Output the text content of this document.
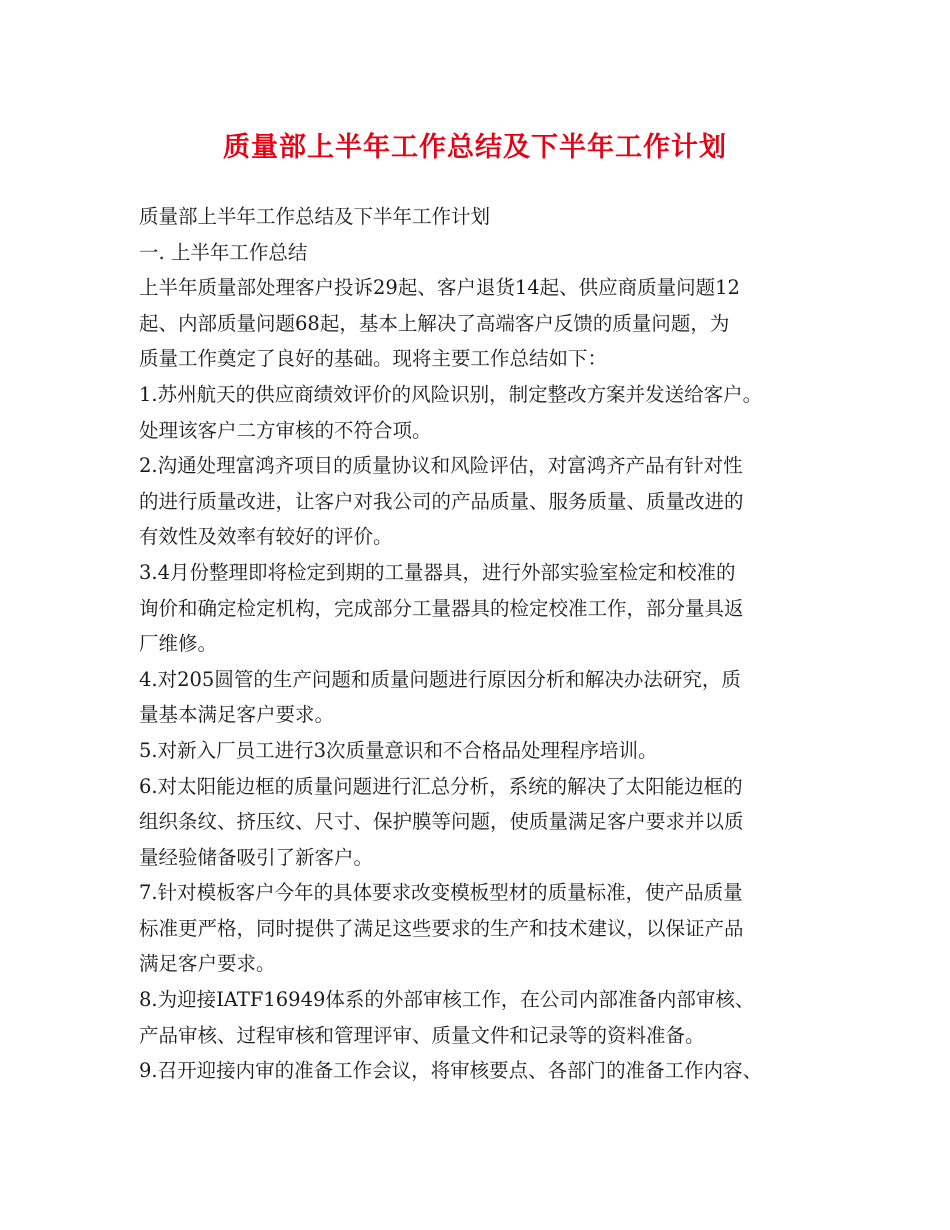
质量部上半年工作总结及下半年工作计划
质量部上半年工作总结及下半年工作计划
一. 上半年工作总结
上半年质量部处理客户投诉29起、客户退货14起、供应商质量问题12
起、内部质量问题68起，基本上解决了高端客户反馈的质量问题，为
质量工作奠定了良好的基础。现将主要工作总结如下：
1.苏州航天的供应商绩效评价的风险识别，制定整改方案并发送给客户。
处理该客户二方审核的不符合项。
2.沟通处理富鸿齐项目的质量协议和风险评估，对富鸿齐产品有针对性
的进行质量改进，让客户对我公司的产品质量、服务质量、质量改进的
有效性及效率有较好的评价。
3.4月份整理即将检定到期的工量器具，进行外部实验室检定和校准的
询价和确定检定机构，完成部分工量器具的检定校准工作，部分量具返
厂维修。
4.对205圆管的生产问题和质量问题进行原因分析和解决办法研究，质
量基本满足客户要求。
5.对新入厂员工进行3次质量意识和不合格品处理程序培训。
6.对太阳能边框的质量问题进行汇总分析，系统的解决了太阳能边框的
组织条纹、挤压纹、尺寸、保护膜等问题，使质量满足客户要求并以质
量经验储备吸引了新客户。
7.针对模板客户今年的具体要求改变模板型材的质量标准，使产品质量
标准更严格，同时提供了满足这些要求的生产和技术建议，以保证产品
满足客户要求。
8.为迎接IATF16949体系的外部审核工作，在公司内部准备内部审核、
产品审核、过程审核和管理评审、质量文件和记录等的资料准备。
9.召开迎接内审的准备工作会议，将审核要点、各部门的准备工作内容、
